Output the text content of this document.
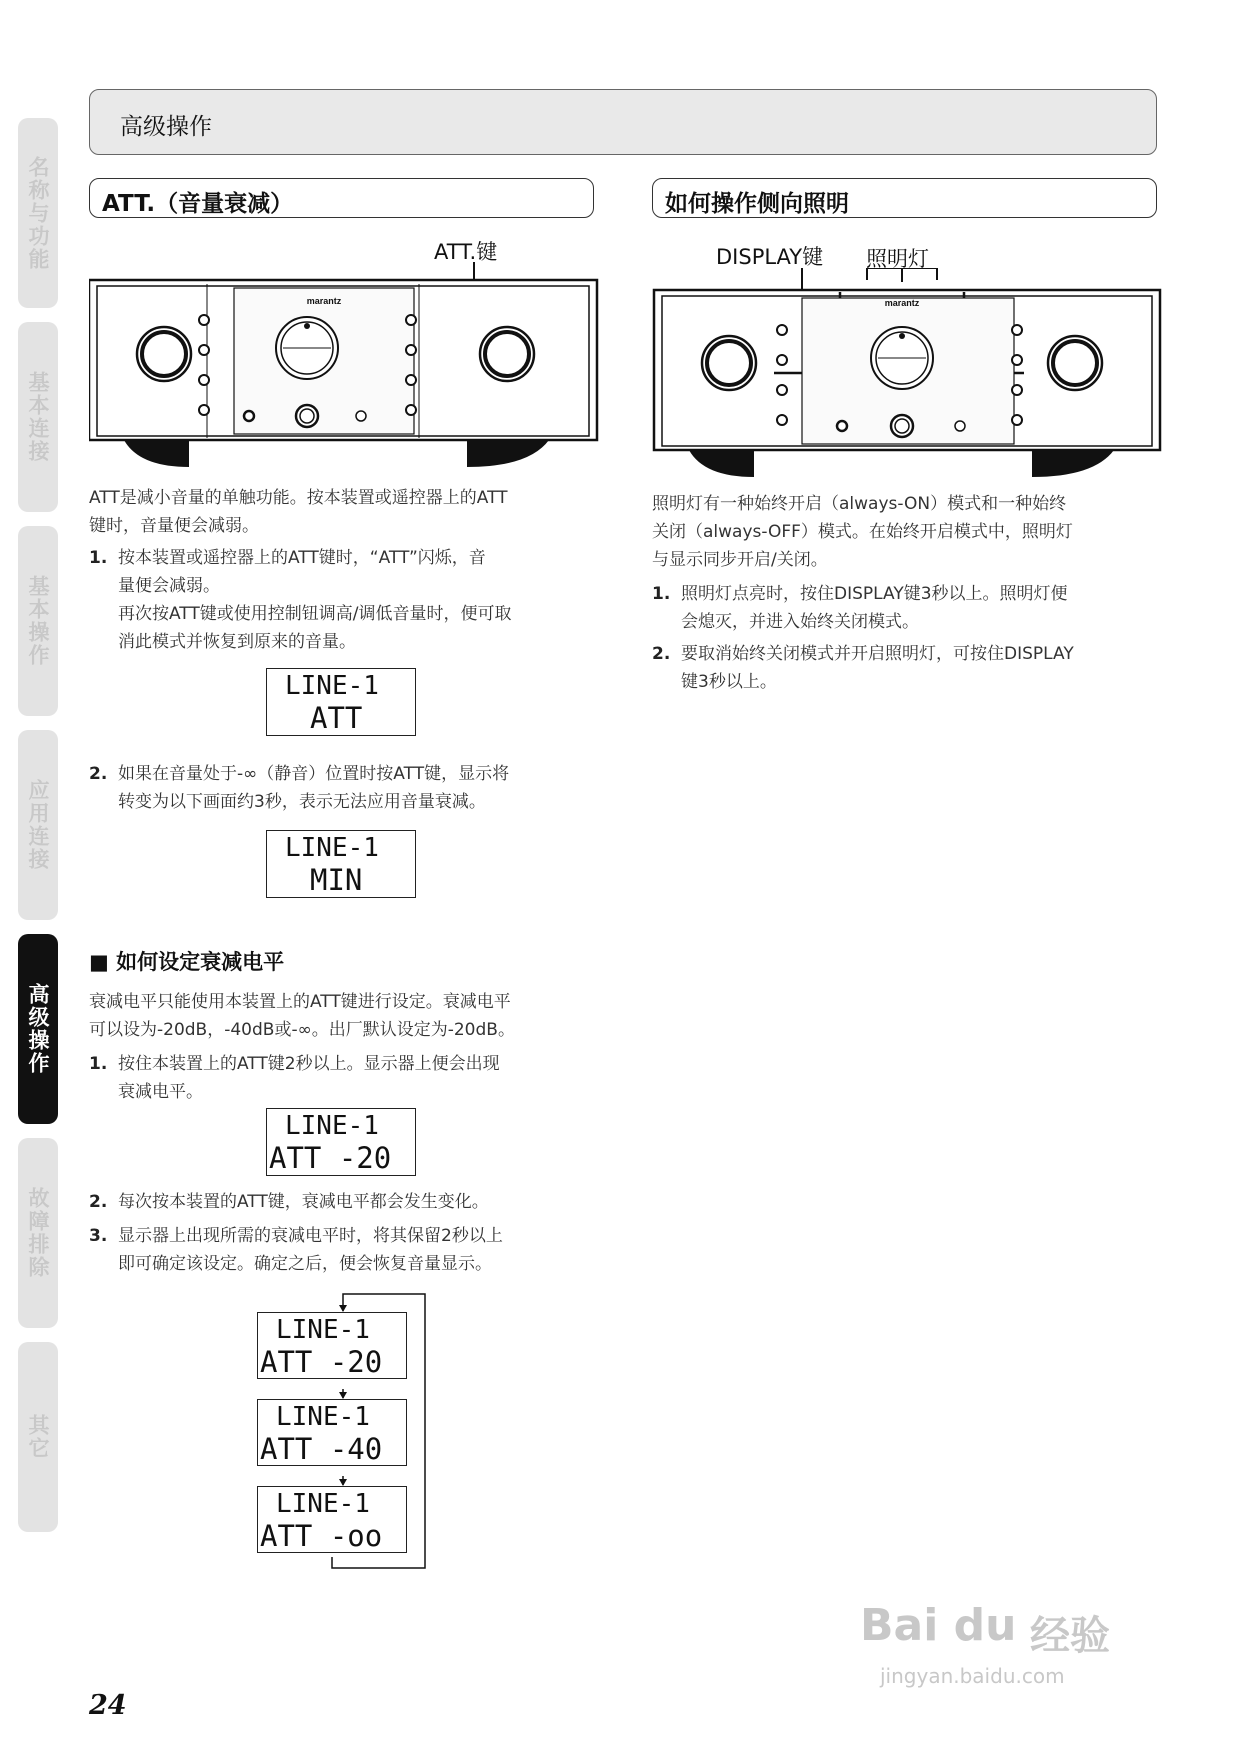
名称与功能
基本连接
基本操作
应用连接
高级操作
故障排除
其它
高级操作
ATT.（音量衰减）
ATT.键
marantz

ATT是减小音量的单触功能。按本装置或遥控器上的ATT

键时，音量便会减弱。

1. 按本装置或遥控器上的ATT键时，“ATT”闪烁，音
量便会减弱。
再次按ATT键或使用控制钮调高/调低音量时，便可取
消此模式并恢复到原来的音量。
LINE-1
ATT
2. 如果在音量处于-∞（静音）位置时按ATT键，显示将
转变为以下画面约3秒，表示无法应用音量衰减。
LINE-1
MIN
■ 如何设定衰减电平

衰减电平只能使用本装置上的ATT键进行设定。衰减电平

可以设为-20dB，-40dB或-∞。出厂默认设定为-20dB。

1. 按住本装置上的ATT键2秒以上。显示器上便会出现
衰减电平。
LINE-1
ATT -20
2. 每次按本装置的ATT键，衰减电平都会发生变化。
3. 显示器上出现所需的衰减电平时，将其保留2秒以上
即可确定该设定。确定之后，便会恢复音量显示。
LINE-1
ATT -20
LINE-1
ATT -40
LINE-1
ATT -oo
如何操作侧向照明
DISPLAY键 照明灯
marantz

照明灯有一种始终开启（always-ON）模式和一种始终

关闭（always-OFF）模式。在始终开启模式中，照明灯

与显示同步开启/关闭。

1. 照明灯点亮时，按住DISPLAY键3秒以上。照明灯便
会熄灭，并进入始终关闭模式。
2. 要取消始终关闭模式并开启照明灯，可按住DISPLAY
键3秒以上。
24
Bai du 经验
jingyan.baidu.com
